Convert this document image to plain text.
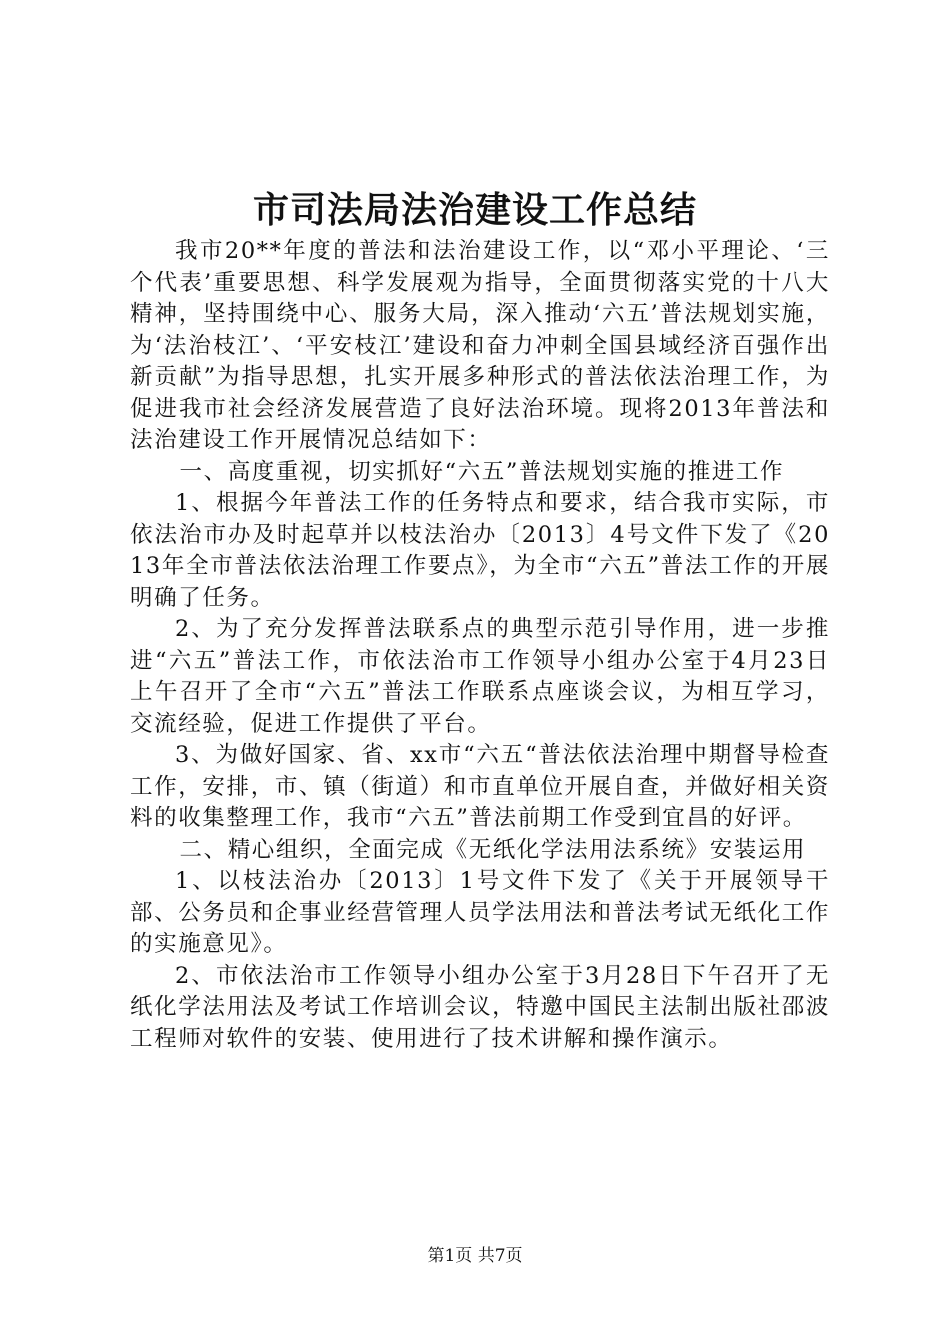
市司法局法治建设工作总结

我市20**年度的普法和法治建设工作，以“邓小平理论、‘三个代表’重要思想、科学发展观为指导，全面贯彻落实党的十八大精神，坚持围绕中心、服务大局，深入推动‘六五’普法规划实施，为‘法治枝江’、‘平安枝江’建设和奋力冲刺全国县域经济百强作出新贡献”为指导思想，扎实开展多种形式的普法依法治理工作，为促进我市社会经济发展营造了良好法治环境。现将2013年普法和法治建设工作开展情况总结如下：

一、高度重视，切实抓好“六五”普法规划实施的推进工作

1、根据今年普法工作的任务特点和要求，结合我市实际，市依法治市办及时起草并以枝法治办〔2013〕4号文件下发了《2013年全市普法依法治理工作要点》，为全市“六五”普法工作的开展明确了任务。

2、为了充分发挥普法联系点的典型示范引导作用，进一步推进“六五”普法工作，市依法治市工作领导小组办公室于4月23日上午召开了全市“六五”普法工作联系点座谈会议，为相互学习，交流经验，促进工作提供了平台。

3、为做好国家、省、xx市“六五“普法依法治理中期督导检查工作，安排，市、镇（街道）和市直单位开展自查，并做好相关资料的收集整理工作，我市“六五”普法前期工作受到宜昌的好评。

二、精心组织，全面完成《无纸化学法用法系统》安装运用

1、以枝法治办〔2013〕1号文件下发了《关于开展领导干部、公务员和企事业经营管理人员学法用法和普法考试无纸化工作的实施意见》。

2、市依法治市工作领导小组办公室于3月28日下午召开了无纸化学法用法及考试工作培训会议，特邀中国民主法制出版社邵波工程师对软件的安装、使用进行了技术讲解和操作演示。

第1页 共7页
